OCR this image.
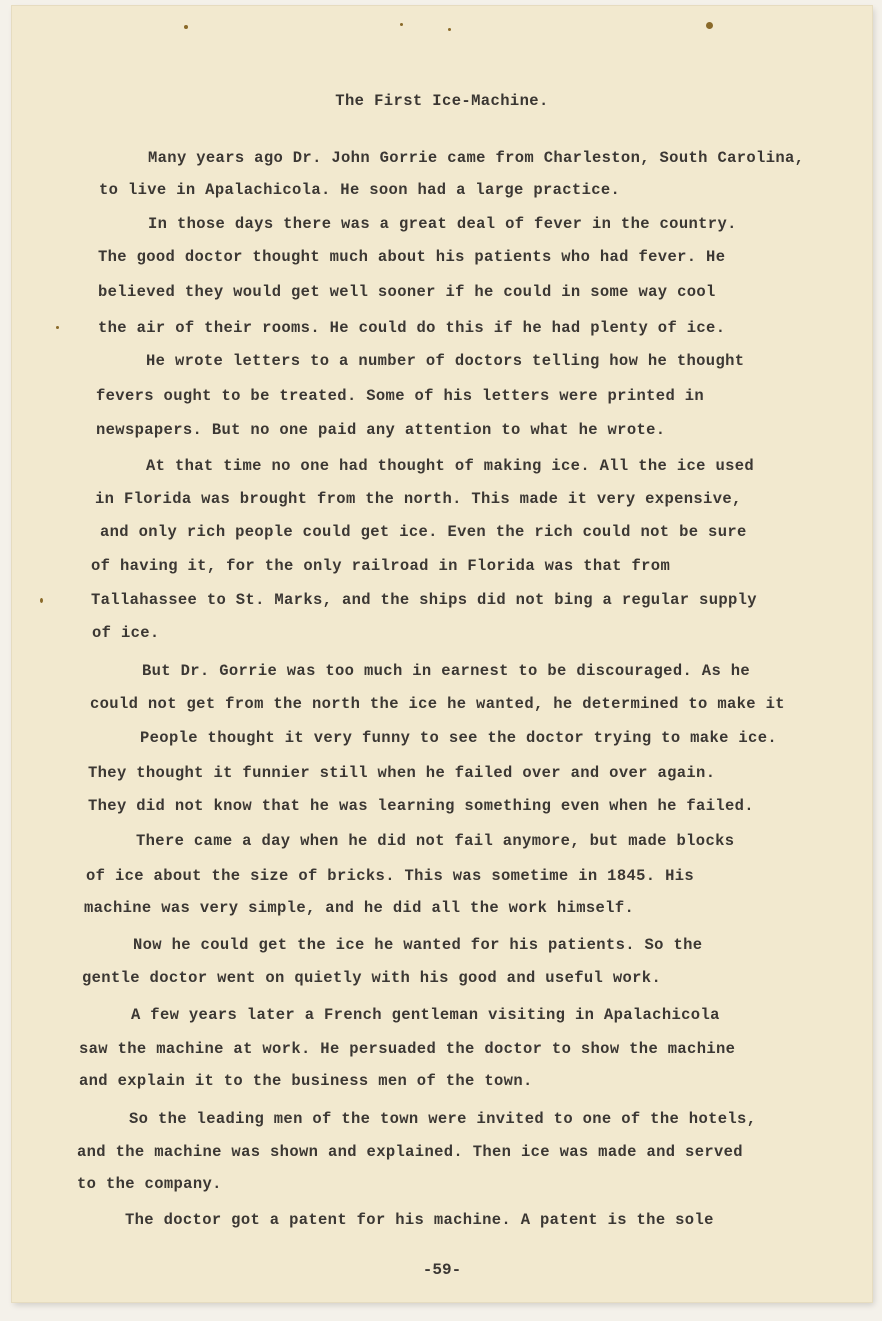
The First Ice-Machine.
Many years ago Dr. John Gorrie came from Charleston, South Carolina,
to live in Apalachicola. He soon had a large practice.
In those days there was a great deal of fever in the country.
The good doctor thought much about his patients who had fever. He
believed they would get well sooner if he could in some way cool
the air of their rooms. He could do this if he had plenty of ice.
He wrote letters to a number of doctors telling how he thought
fevers ought to be treated. Some of his letters were printed in
newspapers. But no one paid any attention to what he wrote.
At that time no one had thought of making ice. All the ice used
in Florida was brought from the north. This made it very expensive,
and only rich people could get ice. Even the rich could not be sure
of having it, for the only railroad in Florida was that from
Tallahassee to St. Marks, and the ships did not bing a regular supply
of ice.
But Dr. Gorrie was too much in earnest to be discouraged. As he
could not get from the north the ice he wanted, he determined to make it
People thought it very funny to see the doctor trying to make ice.
They thought it funnier still when he failed over and over again.
They did not know that he was learning something even when he failed.
There came a day when he did not fail anymore, but made blocks
of ice about the size of bricks. This was sometime in 1845. His
machine was very simple, and he did all the work himself.
Now he could get the ice he wanted for his patients. So the
gentle doctor went on quietly with his good and useful work.
A few years later a French gentleman visiting in Apalachicola
saw the machine at work. He persuaded the doctor to show the machine
and explain it to the business men of the town.
So the leading men of the town were invited to one of the hotels,
and the machine was shown and explained. Then ice was made and served
to the company.
The doctor got a patent for his machine. A patent is the sole
-59-
